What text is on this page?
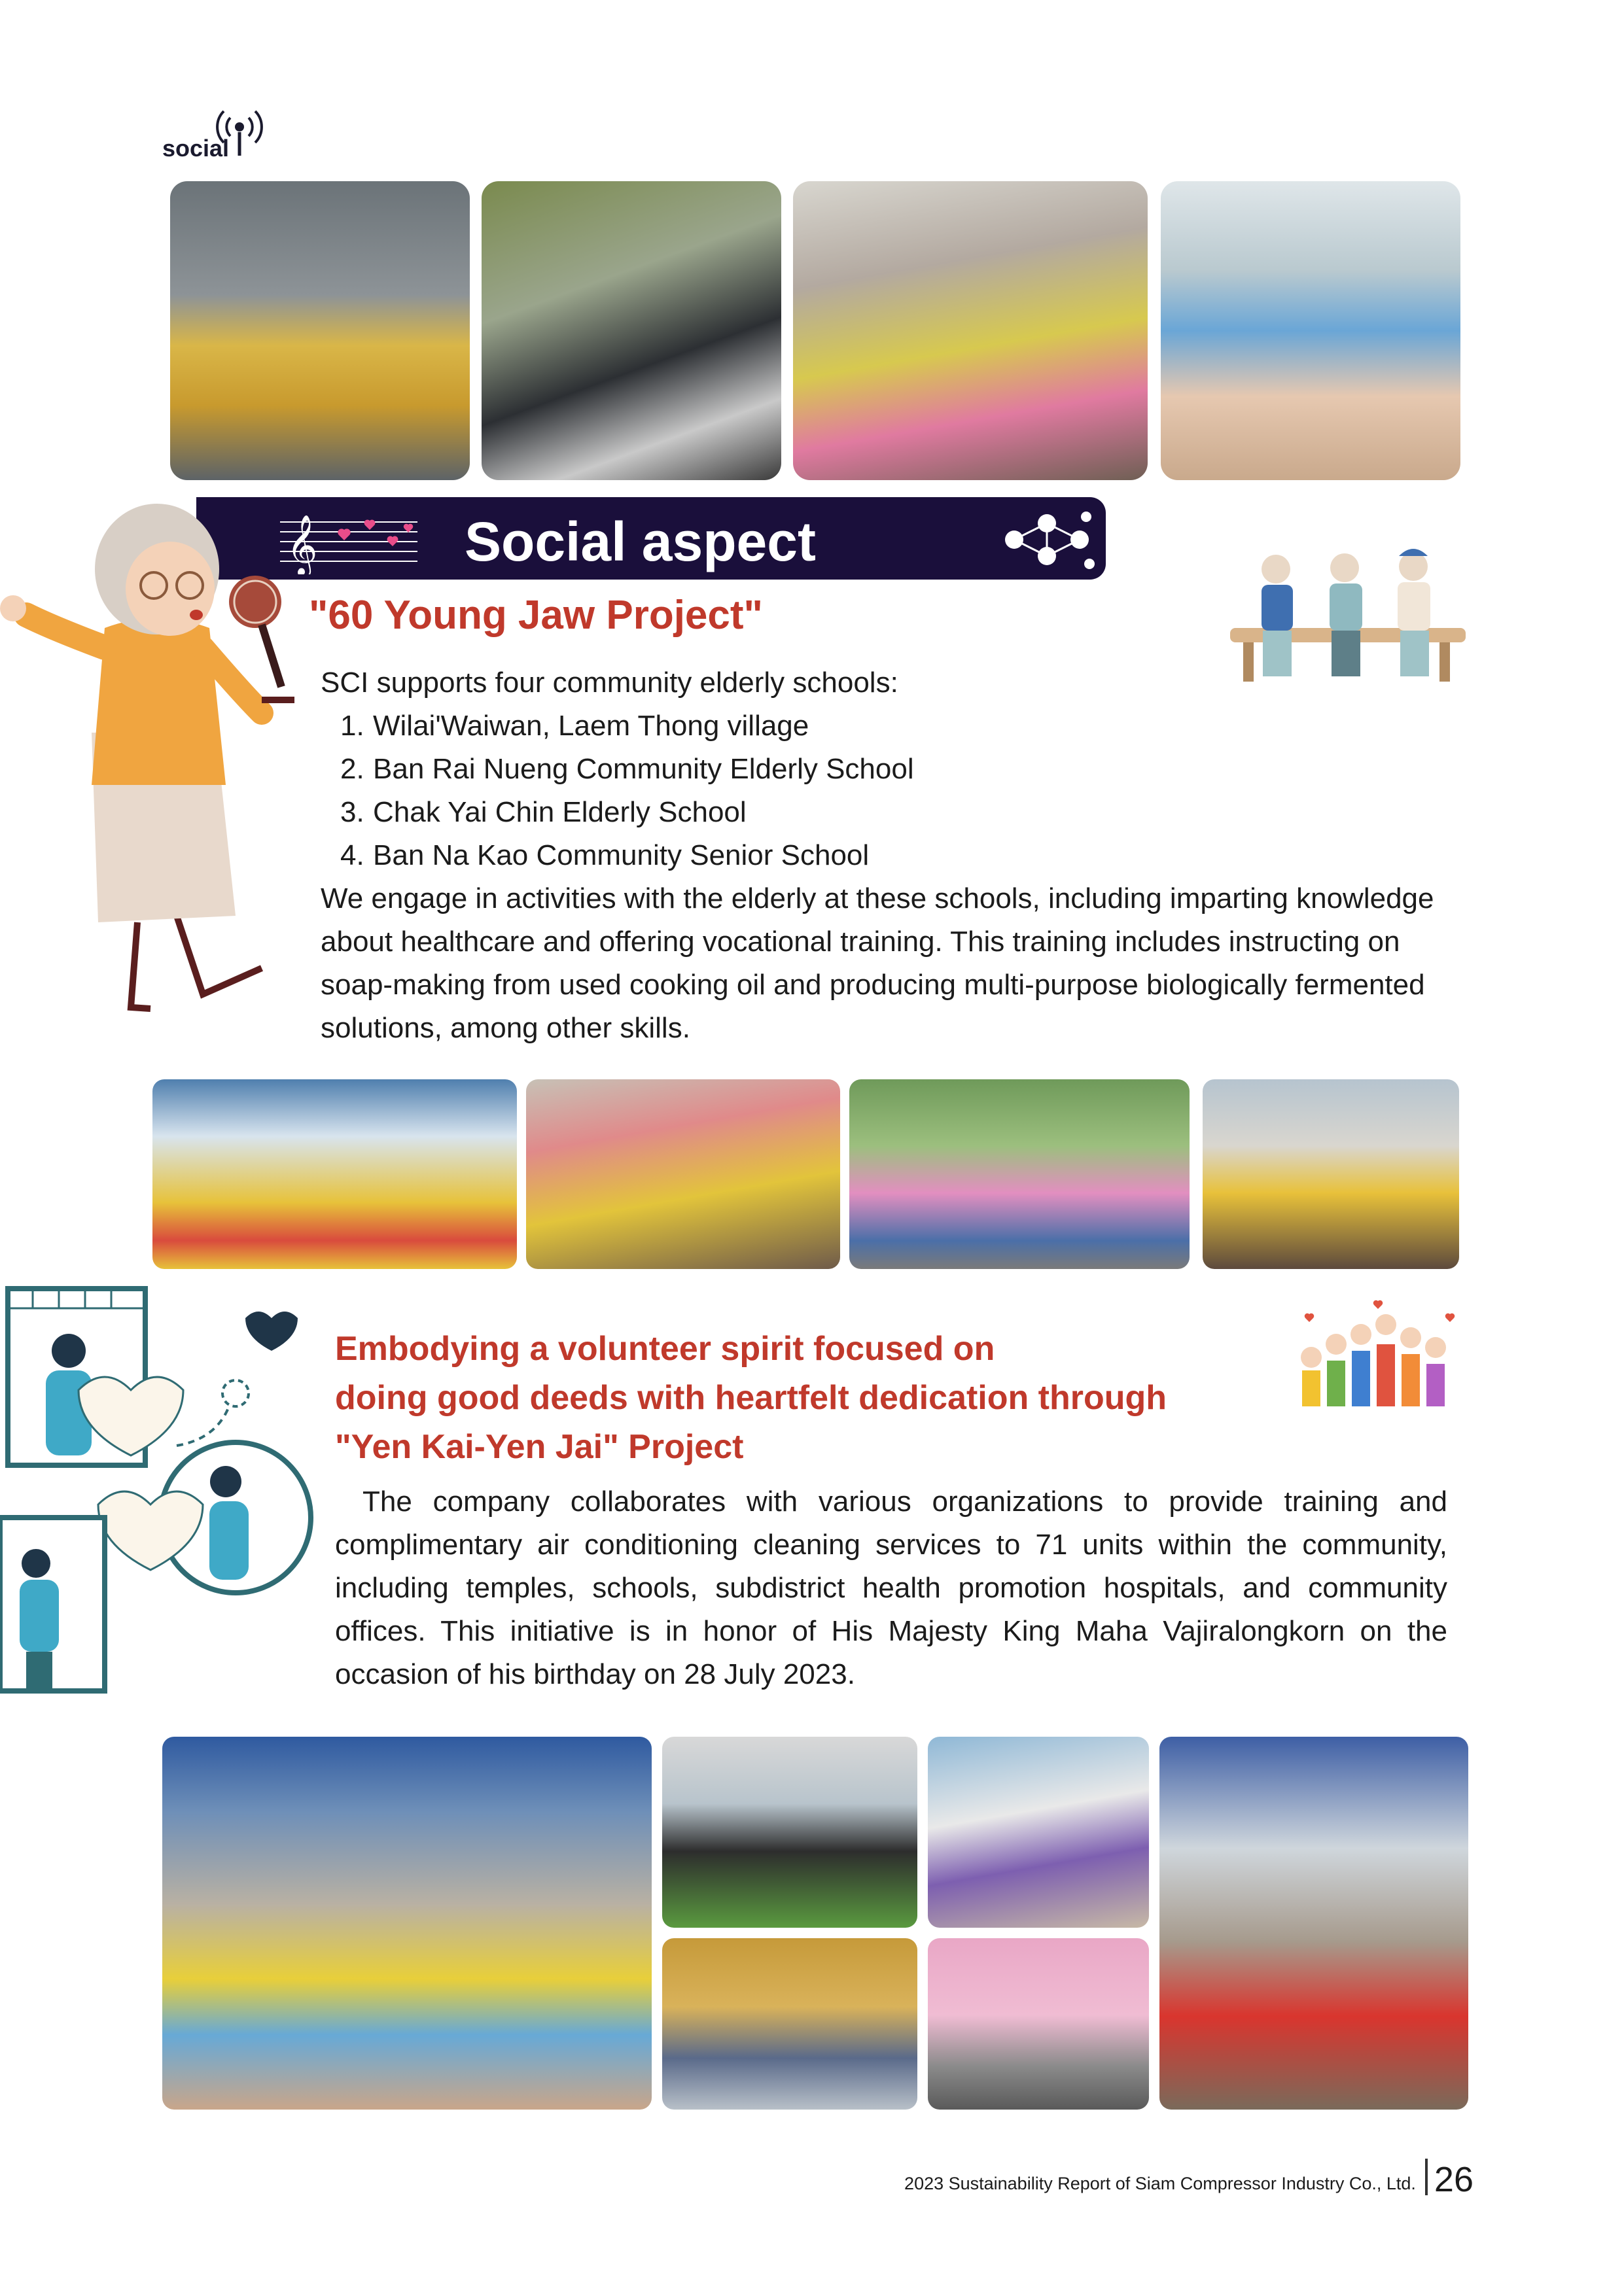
social
𝄞	Social aspect
"60 Young Jaw Project"
SCI supports four community elderly schools:
1. Wilai'Waiwan, Laem Thong village
2. Ban Rai Nueng Community Elderly School
3. Chak Yai Chin Elderly School
4. Ban Na Kao Community Senior School
We engage in activities with the elderly at these schools, including imparting knowledge about healthcare and offering vocational training. This training includes instructing on soap-making from used cooking oil and producing multi-purpose biologically fermented solutions, among other skills.
Embodying a volunteer spirit focused on
doing good deeds with heartfelt dedication through
"Yen Kai-Yen Jai" Project
The company collaborates with various organizations to provide training and complimentary air conditioning cleaning services to 71 units within the community, including temples, schools, subdistrict health promotion hospitals, and community offices. This initiative is in honor of His Majesty King Maha Vajiralongkorn on the occasion of his birthday on 28 July 2023.
2023 Sustainability Report of Siam Compressor Industry Co., Ltd. 26
